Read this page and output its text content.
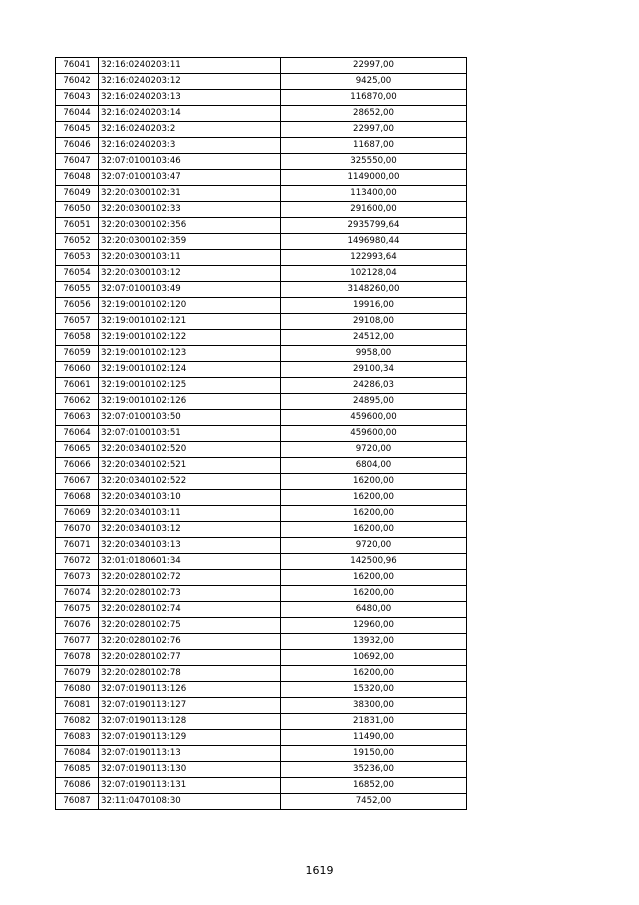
76041	32:16:0240203:11	22997,00
76042	32:16:0240203:12	9425,00
76043	32:16:0240203:13	116870,00
76044	32:16:0240203:14	28652,00
76045	32:16:0240203:2	22997,00
76046	32:16:0240203:3	11687,00
76047	32:07:0100103:46	325550,00
76048	32:07:0100103:47	1149000,00
76049	32:20:0300102:31	113400,00
76050	32:20:0300102:33	291600,00
76051	32:20:0300102:356	2935799,64
76052	32:20:0300102:359	1496980,44
76053	32:20:0300103:11	122993,64
76054	32:20:0300103:12	102128,04
76055	32:07:0100103:49	3148260,00
76056	32:19:0010102:120	19916,00
76057	32:19:0010102:121	29108,00
76058	32:19:0010102:122	24512,00
76059	32:19:0010102:123	9958,00
76060	32:19:0010102:124	29100,34
76061	32:19:0010102:125	24286,03
76062	32:19:0010102:126	24895,00
76063	32:07:0100103:50	459600,00
76064	32:07:0100103:51	459600,00
76065	32:20:0340102:520	9720,00
76066	32:20:0340102:521	6804,00
76067	32:20:0340102:522	16200,00
76068	32:20:0340103:10	16200,00
76069	32:20:0340103:11	16200,00
76070	32:20:0340103:12	16200,00
76071	32:20:0340103:13	9720,00
76072	32:01:0180601:34	142500,96
76073	32:20:0280102:72	16200,00
76074	32:20:0280102:73	16200,00
76075	32:20:0280102:74	6480,00
76076	32:20:0280102:75	12960,00
76077	32:20:0280102:76	13932,00
76078	32:20:0280102:77	10692,00
76079	32:20:0280102:78	16200,00
76080	32:07:0190113:126	15320,00
76081	32:07:0190113:127	38300,00
76082	32:07:0190113:128	21831,00
76083	32:07:0190113:129	11490,00
76084	32:07:0190113:13	19150,00
76085	32:07:0190113:130	35236,00
76086	32:07:0190113:131	16852,00
76087	32:11:0470108:30	7452,00
1619
